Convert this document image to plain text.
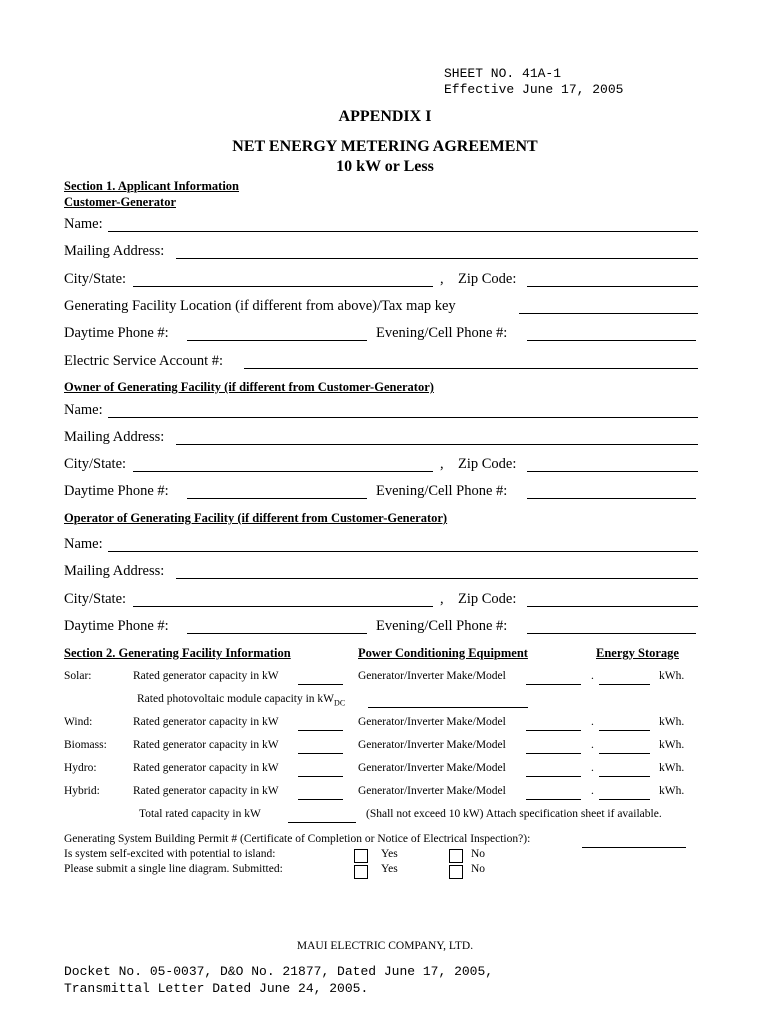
SHEET NO. 41A-1
Effective June 17, 2005
APPENDIX I
NET ENERGY METERING AGREEMENT
10 kW or Less
Section 1. Applicant Information
Customer-Generator
Name:
Mailing Address:
City/State:	, Zip Code:
Generating Facility Location (if different from above)/Tax map key
Daytime Phone #:	Evening/Cell Phone #:
Electric Service Account #:
Owner of Generating Facility (if different from Customer-Generator)
Name:
Mailing Address:
City/State:	, Zip Code:
Daytime Phone #:	Evening/Cell Phone #:
Operator of Generating Facility (if different from Customer-Generator)
Name:
Mailing Address:
City/State:	, Zip Code:
Daytime Phone #:	Evening/Cell Phone #:
Section 2. Generating Facility Information	Power Conditioning Equipment	Energy Storage
Solar:	Rated generator capacity in kW	Generator/Inverter Make/Model	.	kWh.
Rated photovoltaic module capacity in $kW_{DC}$
Wind:	Rated generator capacity in kW	Generator/Inverter Make/Model	.	kWh.
Biomass: Rated generator capacity in kW	Generator/Inverter Make/Model	.	kWh.
Hydro:	Rated generator capacity in kW	Generator/Inverter Make/Model	.	kWh.
Hybrid:	Rated generator capacity in kW	Generator/Inverter Make/Model	.	kWh.
Total rated capacity in kW	(Shall not exceed 10 kW) Attach specification sheet if available.
Generating System Building Permit # (Certificate of Completion or Notice of Electrical Inspection?):
Is system self-excited with potential to island:	Yes	No
Please submit a single line diagram. Submitted:	Yes	No
MAUI ELECTRIC COMPANY, LTD.
Docket No. 05-0037, D&O No. 21877, Dated June 17, 2005,
Transmittal Letter Dated June 24, 2005.
